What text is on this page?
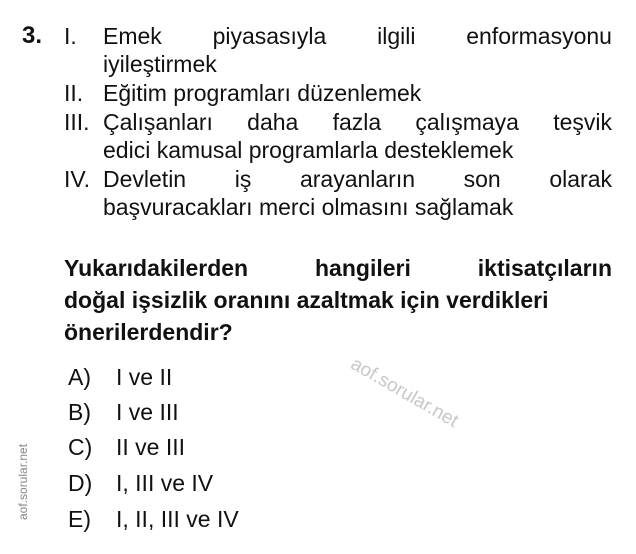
3. I. Emek piyasasıyla ilgili enformasyonu
iyileştirmek
II. Eğitim programları düzenlemek
III. Çalışanları daha fazla çalışmaya teşvik
edici kamusal programlarla desteklemek
IV. Devletin iş arayanların son olarak
başvuracakları merci olmasını sağlamak
Yukarıdakilerden	hangileri	iktisatçıların
doğal işsizlik oranını azaltmak için verdikleri
önerilerdendir?
A) I ve II
B) I ve III
C) II ve III
D) I, III ve IV
E) I, II, III ve IV
aof.sorular.net
aof.sorular.net
